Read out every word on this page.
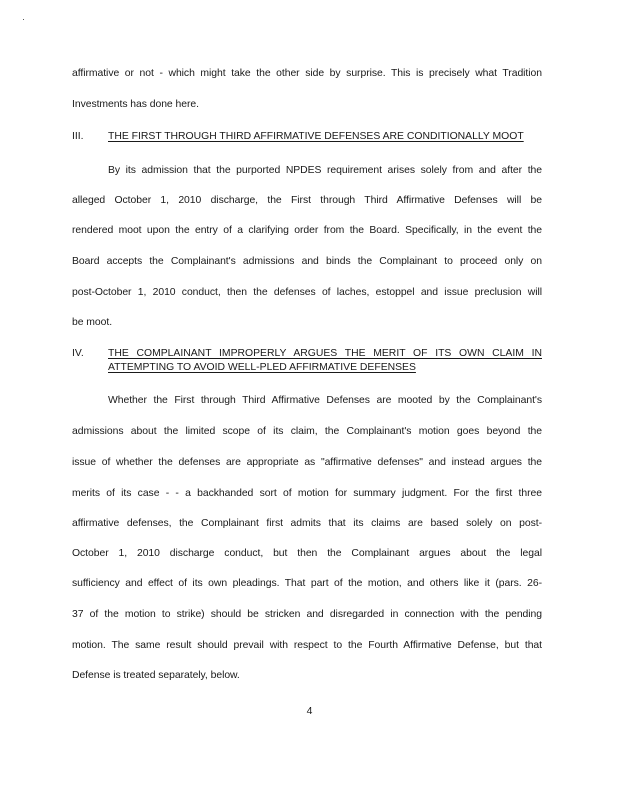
affirmative or not - which might take the other side by surprise. This is precisely what Tradition
Investments has done here.
III. THE FIRST THROUGH THIRD AFFIRMATIVE DEFENSES ARE CONDITIONALLY MOOT
By its admission that the purported NPDES requirement arises solely from and after the
alleged October 1, 2010 discharge, the First through Third Affirmative Defenses will be
rendered moot upon the entry of a clarifying order from the Board. Specifically, in the event the
Board accepts the Complainant's admissions and binds the Complainant to proceed only on
post-October 1, 2010 conduct, then the defenses of laches, estoppel and issue preclusion will
be moot.
IV. THE COMPLAINANT IMPROPERLY ARGUES THE MERIT OF ITS OWN CLAIM IN
ATTEMPTING TO AVOID WELL-PLED AFFIRMATIVE DEFENSES
Whether the First through Third Affirmative Defenses are mooted by the Complainant's
admissions about the limited scope of its claim, the Complainant's motion goes beyond the
issue of whether the defenses are appropriate as "affirmative defenses" and instead argues the
merits of its case - - a backhanded sort of motion for summary judgment. For the first three
affirmative defenses, the Complainant first admits that its claims are based solely on post-
October 1, 2010 discharge conduct, but then the Complainant argues about the legal
sufficiency and effect of its own pleadings. That part of the motion, and others like it (pars. 26-
37 of the motion to strike) should be stricken and disregarded in connection with the pending
motion. The same result should prevail with respect to the Fourth Affirmative Defense, but that
Defense is treated separately, below.
4
